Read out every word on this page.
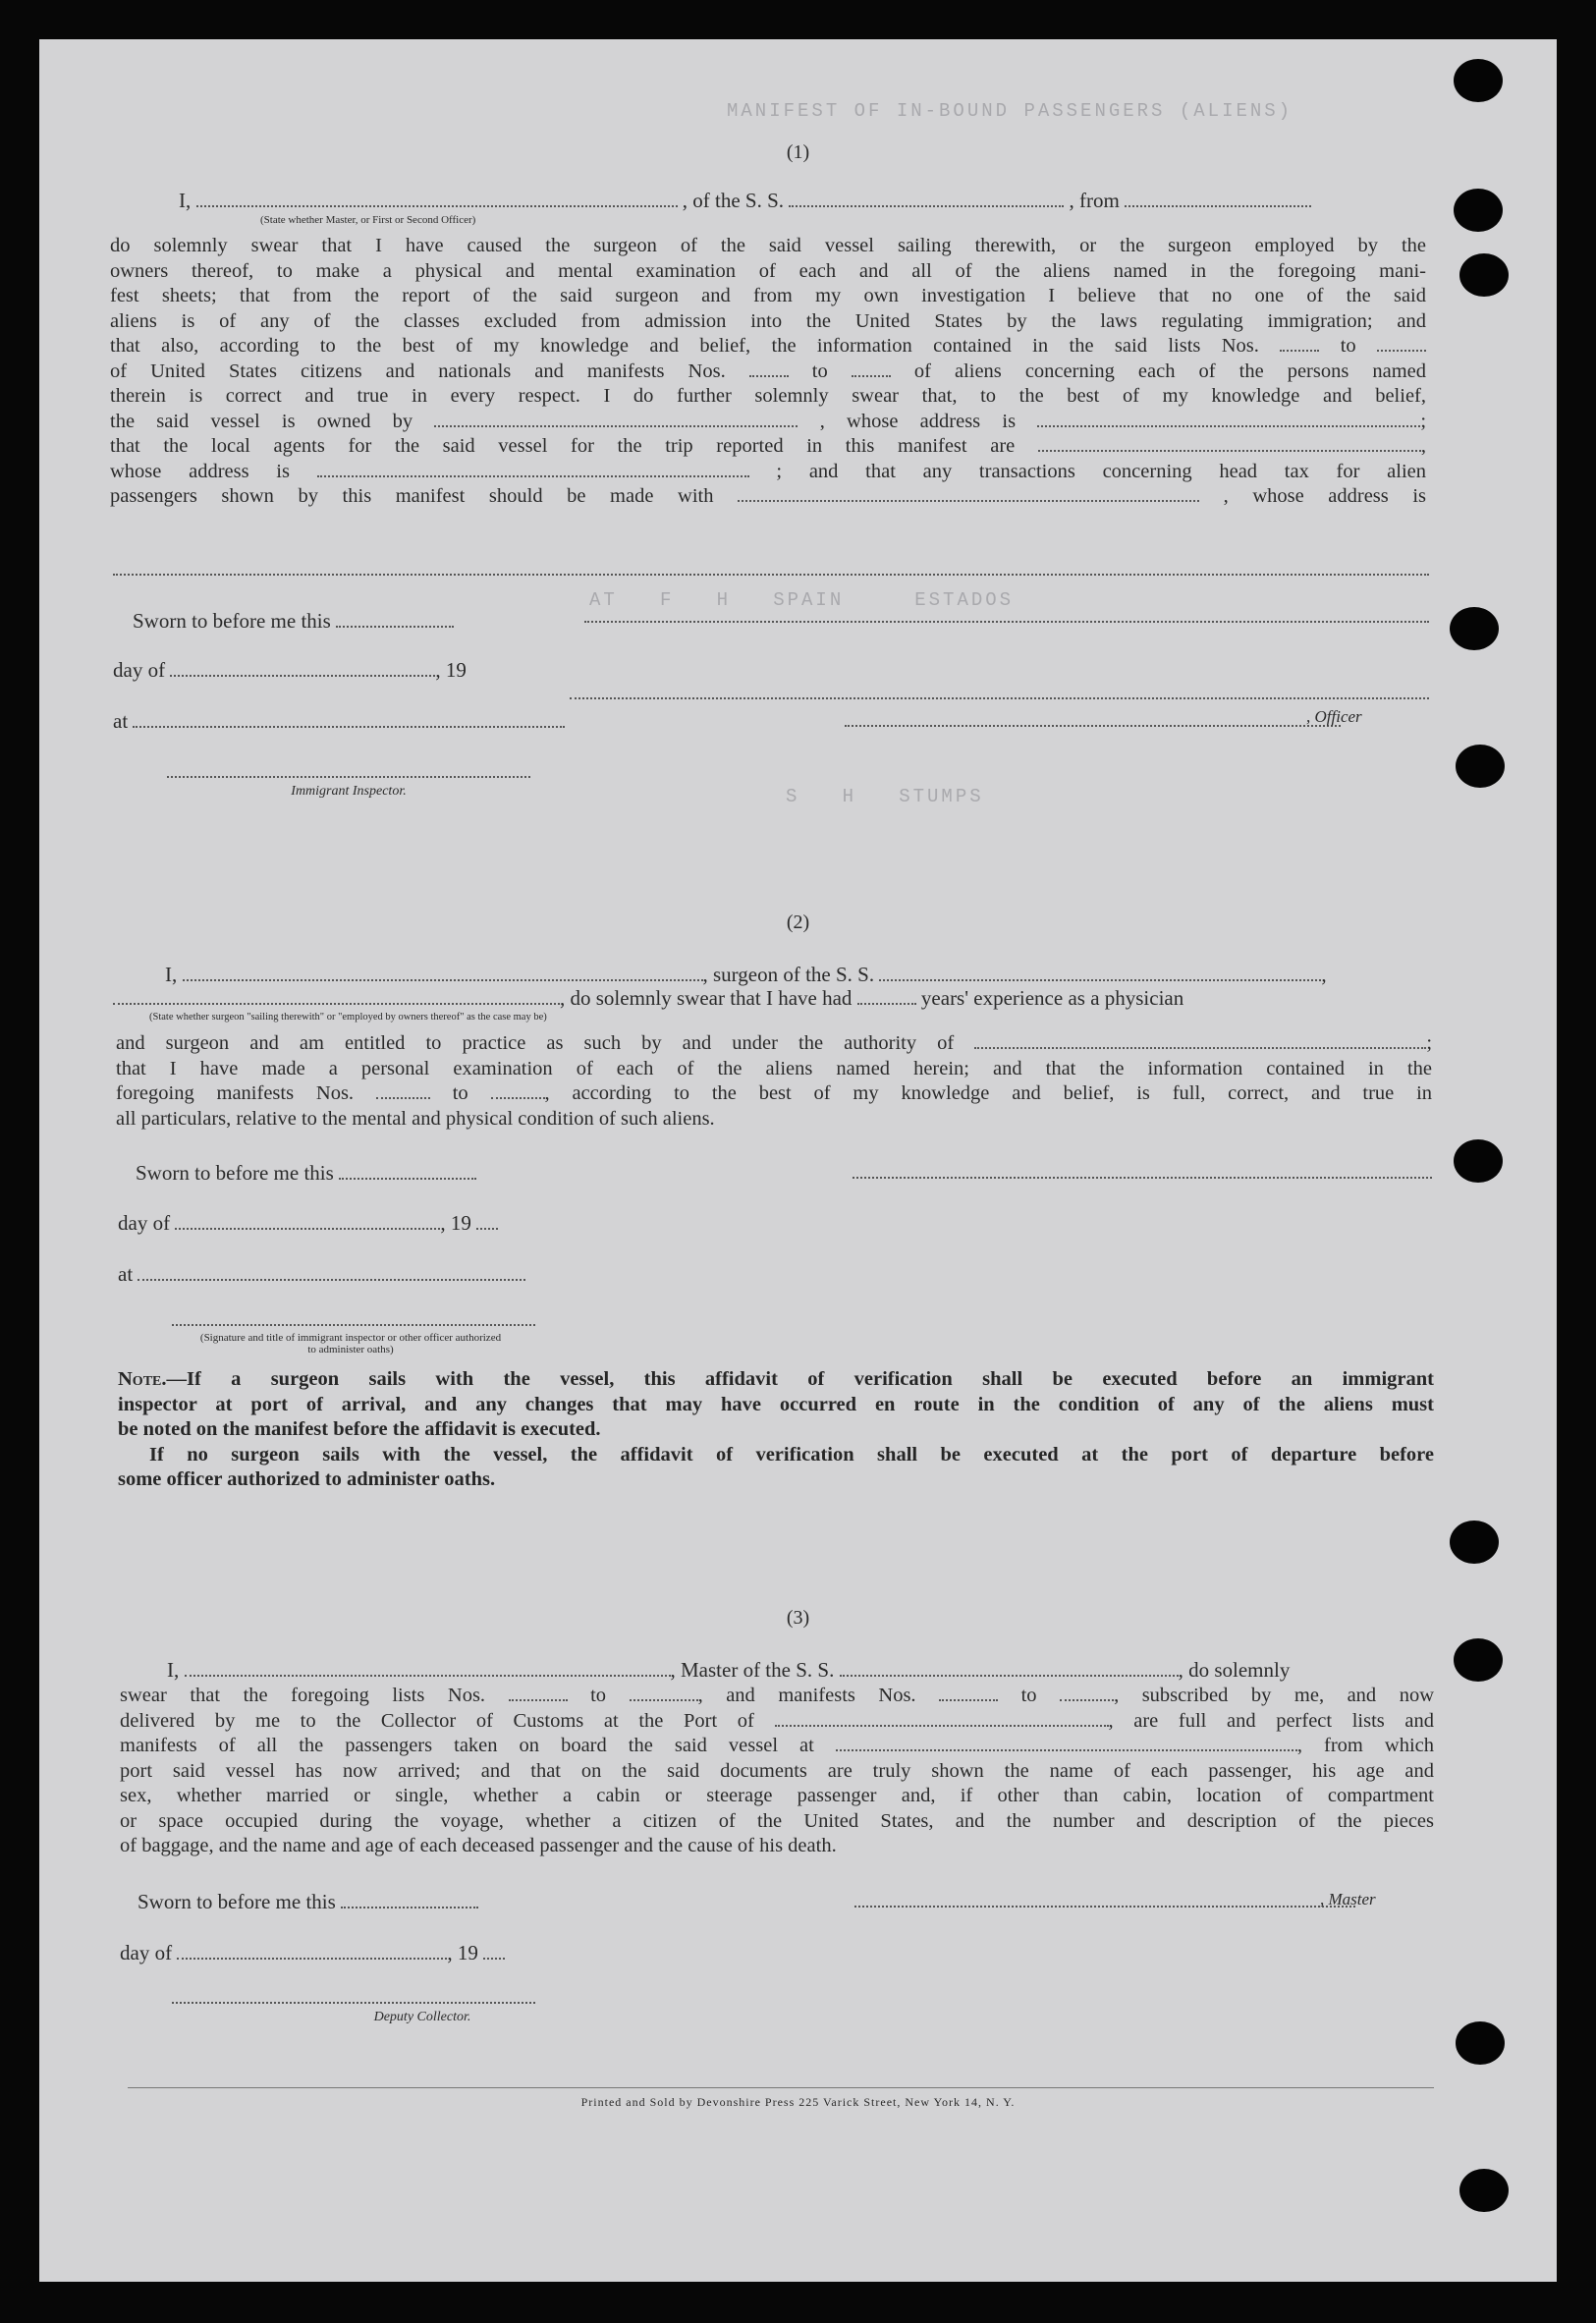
MANIFEST OF IN-BOUND PASSENGERS (ALIENS)
AT   F   H   SPAIN     ESTADOS
S   H   STUMPS
(1)
I,	, of the S. S.	, from
(State whether Master, or First or Second Officer)
do solemnly swear that I have caused the surgeon of the said vessel sailing therewith, or the surgeon employed by the
owners thereof, to make a physical and mental examination of each and all of the aliens named in the foregoing mani-
fest sheets; that from the report of the said surgeon and from my own investigation I believe that no one of the said
aliens is of any of the classes excluded from admission into the United States by the laws regulating immigration; and
that also, according to the best of my knowledge and belief, the information contained in the said lists Nos.	to
of United States citizens and nationals and manifests Nos.	to	of aliens concerning each of the persons named
therein is correct and true in every respect. I do further solemnly swear that, to the best of my knowledge and belief,
the said vessel is owned by	, whose address is	;
that the local agents for the said vessel for the trip reported in this manifest are	,
whose address is	; and that any transactions concerning head tax for alien
passengers shown by this manifest should be made with	, whose address is
Sworn to before me this
day of	, 19
at	, Officer
Immigrant Inspector.
(2)
I,	, surgeon of the S. S.	,
, do solemnly swear that I have had	years' experience as a physician
(State whether surgeon "sailing therewith" or "employed by owners thereof" as the case may be)
and surgeon and am entitled to practice as such by and under the authority of	;
that I have made a personal examination of each of the aliens named herein; and that the information contained in the
foregoing manifests Nos.	to	, according to the best of my knowledge and belief, is full, correct, and true in
all particulars, relative to the mental and physical condition of such aliens.
Sworn to before me this
day of	, 19
at
(Signature and title of immigrant inspector or other officer authorized to administer oaths)
Note.—If a surgeon sails with the vessel, this affidavit of verification shall be executed before an immigrant
inspector at port of arrival, and any changes that may have occurred en route in the condition of any of the aliens must
be noted on the manifest before the affidavit is executed.
If no surgeon sails with the vessel, the affidavit of verification shall be executed at the port of departure before
some officer authorized to administer oaths.
(3)
I,	, Master of the S. S.	, do solemnly
swear that the foregoing lists Nos.	to	, and manifests Nos.	to	, subscribed by me, and now
delivered by me to the Collector of Customs at the Port of	, are full and perfect lists and
manifests of all the passengers taken on board the said vessel at	, from which
port said vessel has now arrived; and that on the said documents are truly shown the name of each passenger, his age and
sex, whether married or single, whether a cabin or steerage passenger and, if other than cabin, location of compartment
or space occupied during the voyage, whether a citizen of the United States, and the number and description of the pieces
of baggage, and the name and age of each deceased passenger and the cause of his death.
Sworn to before me this	, Master
day of	, 19
Deputy Collector.
Printed and Sold by Devonshire Press 225 Varick Street, New York 14, N. Y.
